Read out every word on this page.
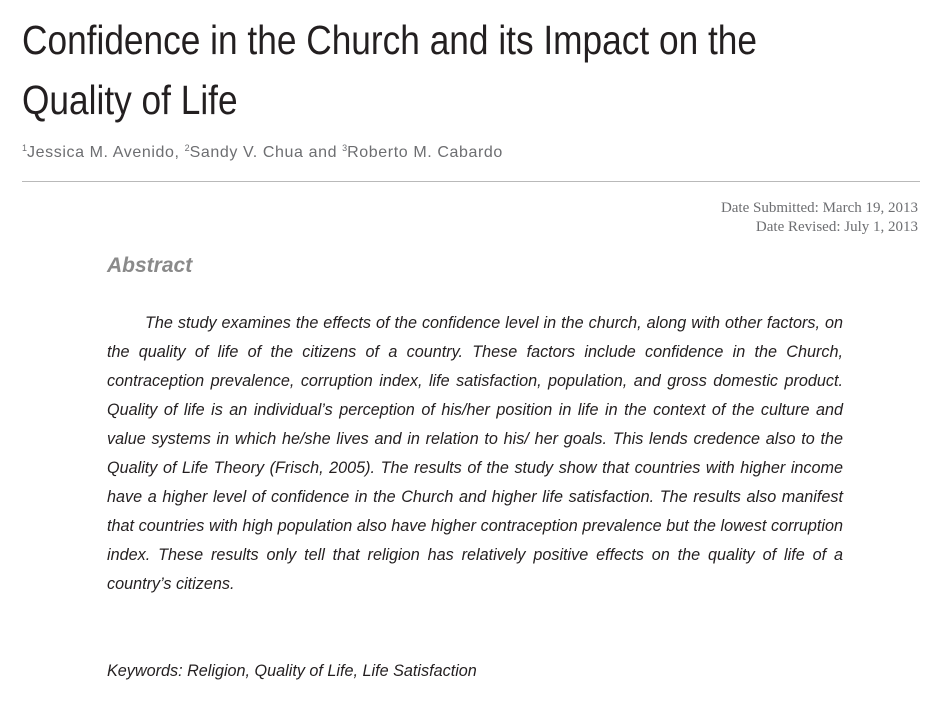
Confidence in the Church and its Impact on the Quality of Life
$^1$Jessica M. Avenido, $^2$Sandy V. Chua and $^3$Roberto M. Cabardo
Date Submitted: March 19, 2013
Date Revised: July 1, 2013
Abstract

The study examines the effects of the confidence level in the church, along with other factors, on the quality of life of the citizens of a country. These factors include confidence in the Church, contraception prevalence, corruption index, life satisfaction, population, and gross domestic product. Quality of life is an individual’s perception of his/her position in life in the context of the culture and value systems in which he/she lives and in relation to his/ her goals. This lends credence also to the Quality of Life Theory (Frisch, 2005). The results of the study show that countries with higher income have a higher level of confidence in the Church and higher life satisfaction. The results also manifest that countries with high population also have higher contraception prevalence but the lowest corruption index. These results only tell that religion has relatively positive effects on the quality of life of a country’s citizens.

Keywords: Religion, Quality of Life, Life Satisfaction
